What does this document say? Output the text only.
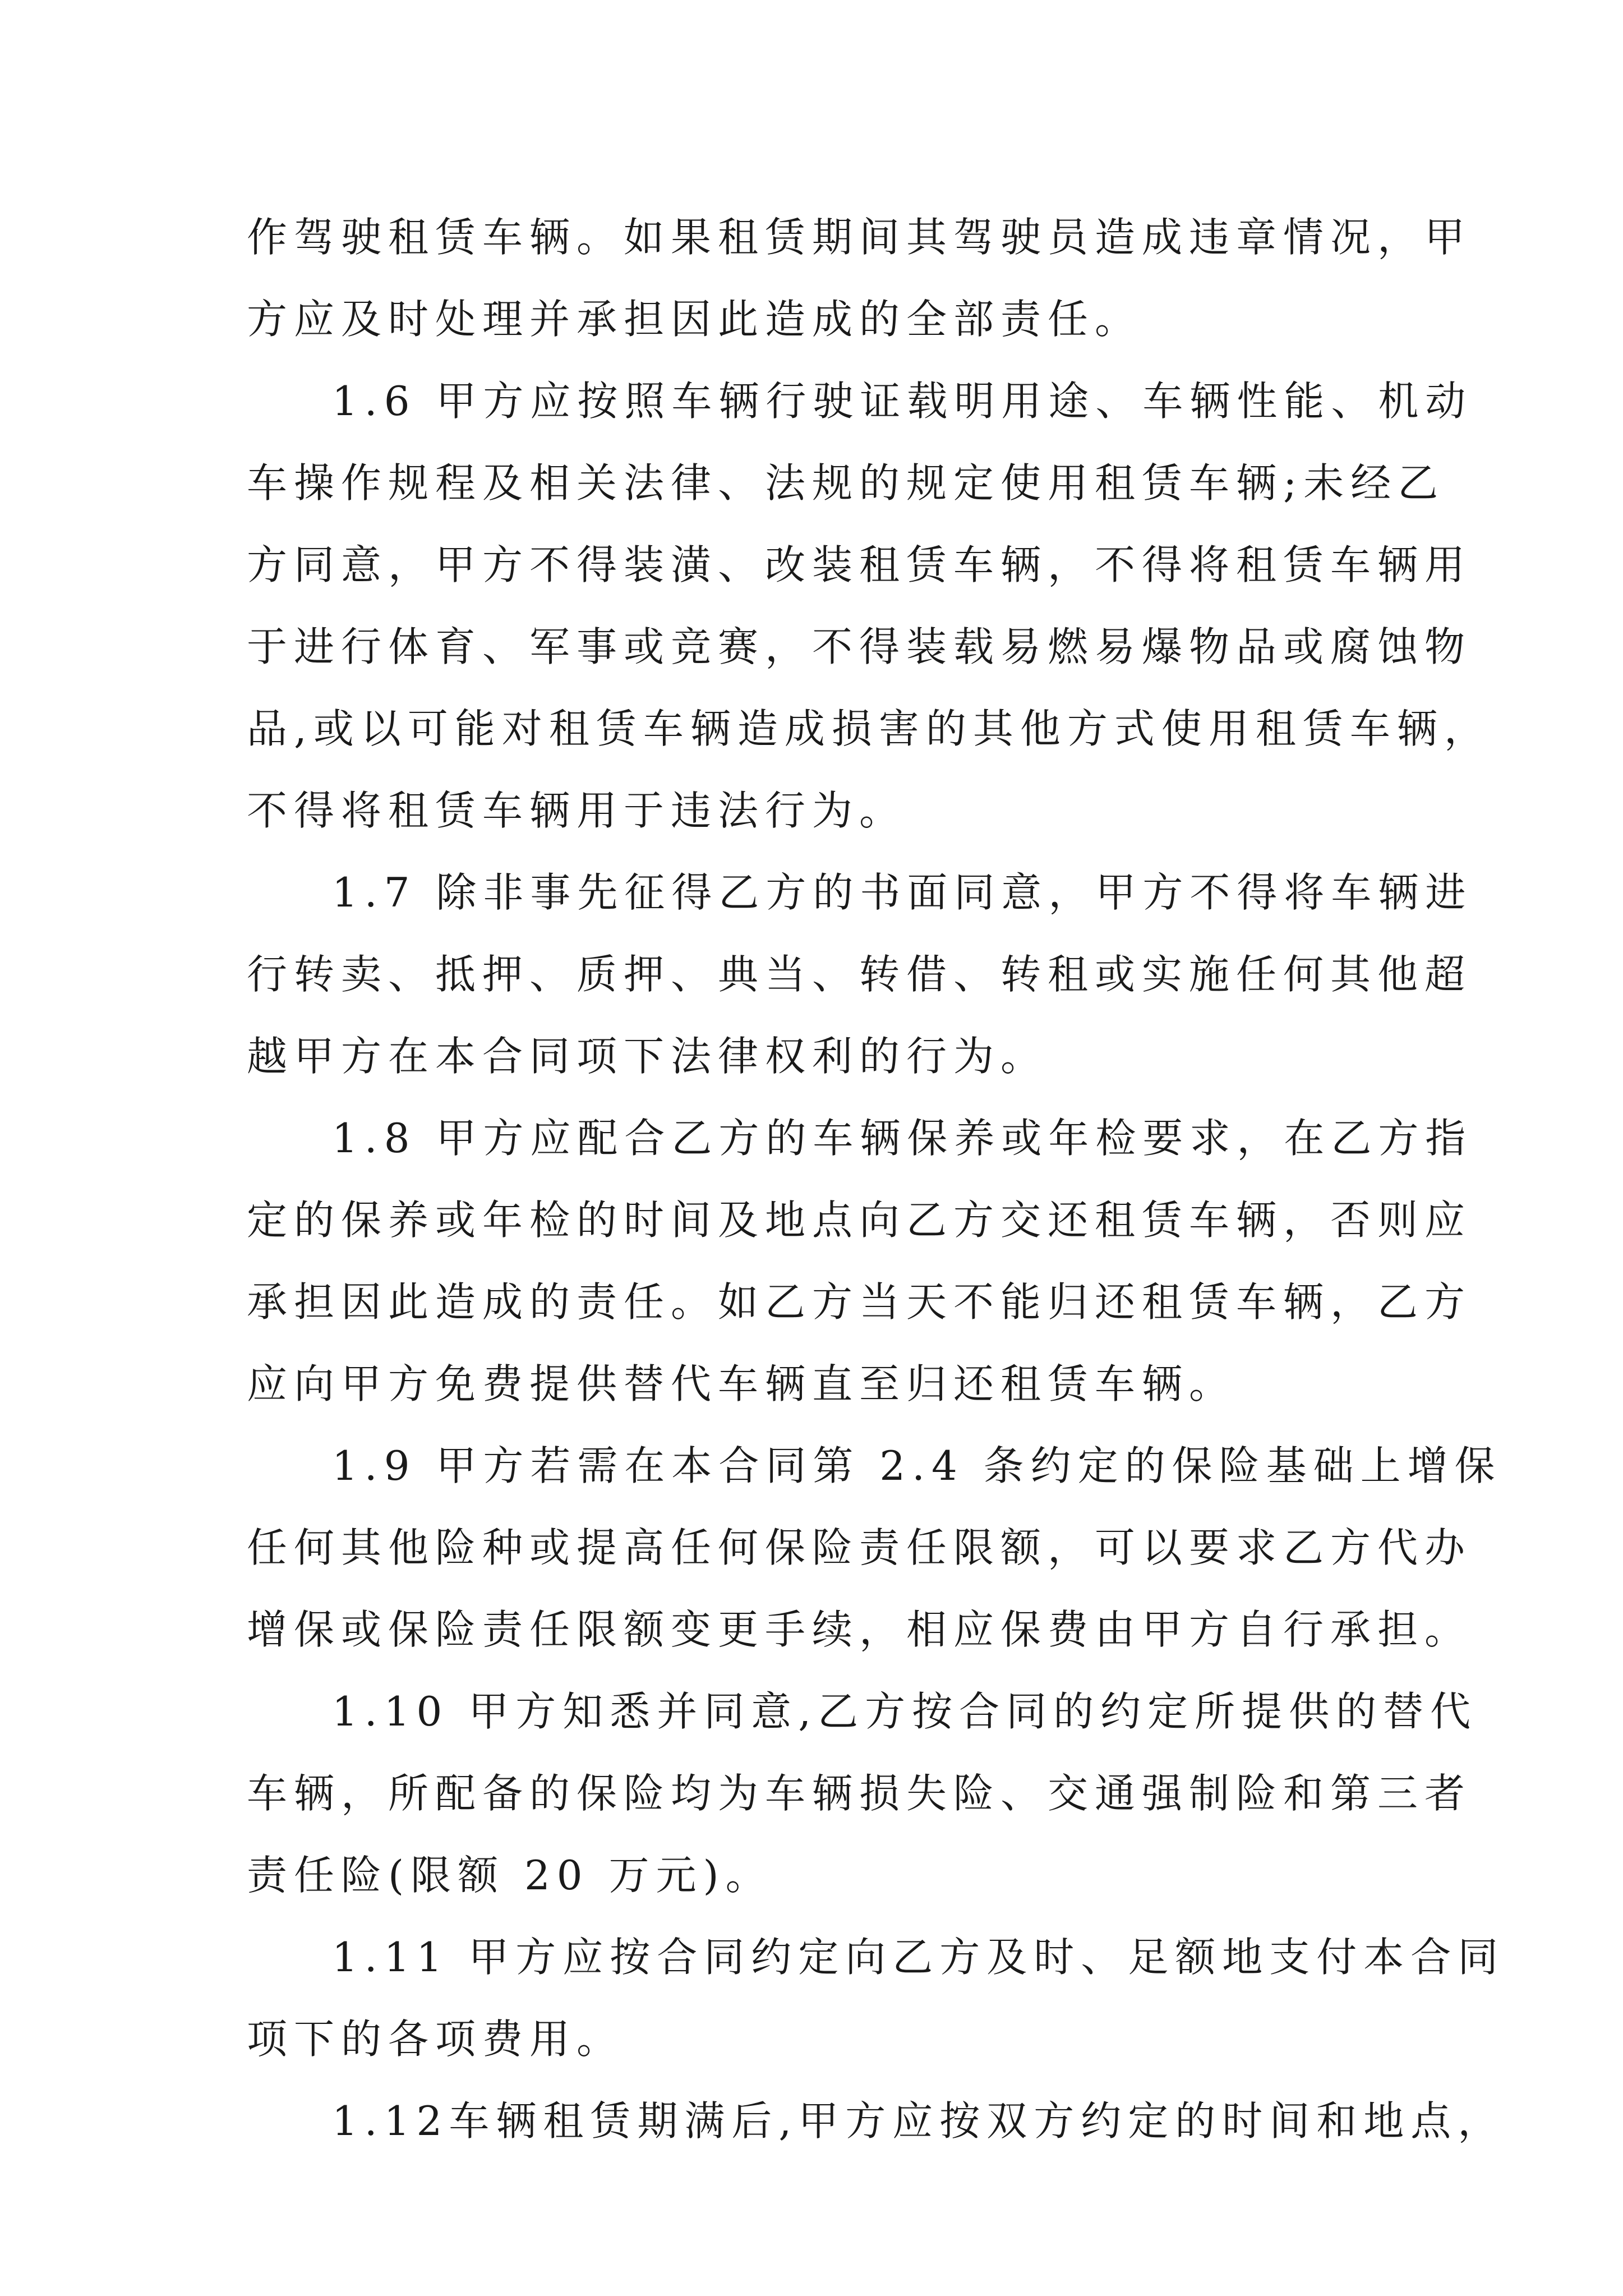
作驾驶租赁车辆。如果租赁期间其驾驶员造成违章情况，甲
方应及时处理并承担因此造成的全部责任。
1.6 甲方应按照车辆行驶证载明用途、车辆性能、机动
车操作规程及相关法律、法规的规定使用租赁车辆;未经乙
方同意，甲方不得装潢、改装租赁车辆，不得将租赁车辆用
于进行体育、军事或竞赛，不得装载易燃易爆物品或腐蚀物
品,或以可能对租赁车辆造成损害的其他方式使用租赁车辆，
不得将租赁车辆用于违法行为。
1.7 除非事先征得乙方的书面同意，甲方不得将车辆进
行转卖、抵押、质押、典当、转借、转租或实施任何其他超
越甲方在本合同项下法律权利的行为。
1.8 甲方应配合乙方的车辆保养或年检要求，在乙方指
定的保养或年检的时间及地点向乙方交还租赁车辆，否则应
承担因此造成的责任。如乙方当天不能归还租赁车辆，乙方
应向甲方免费提供替代车辆直至归还租赁车辆。
1.9 甲方若需在本合同第 2.4 条约定的保险基础上增保
任何其他险种或提高任何保险责任限额，可以要求乙方代办
增保或保险责任限额变更手续，相应保费由甲方自行承担。
1.10 甲方知悉并同意,乙方按合同的约定所提供的替代
车辆，所配备的保险均为车辆损失险、交通强制险和第三者
责任险(限额 20 万元)。
1.11 甲方应按合同约定向乙方及时、足额地支付本合同
项下的各项费用。
1.12车辆租赁期满后,甲方应按双方约定的时间和地点，
